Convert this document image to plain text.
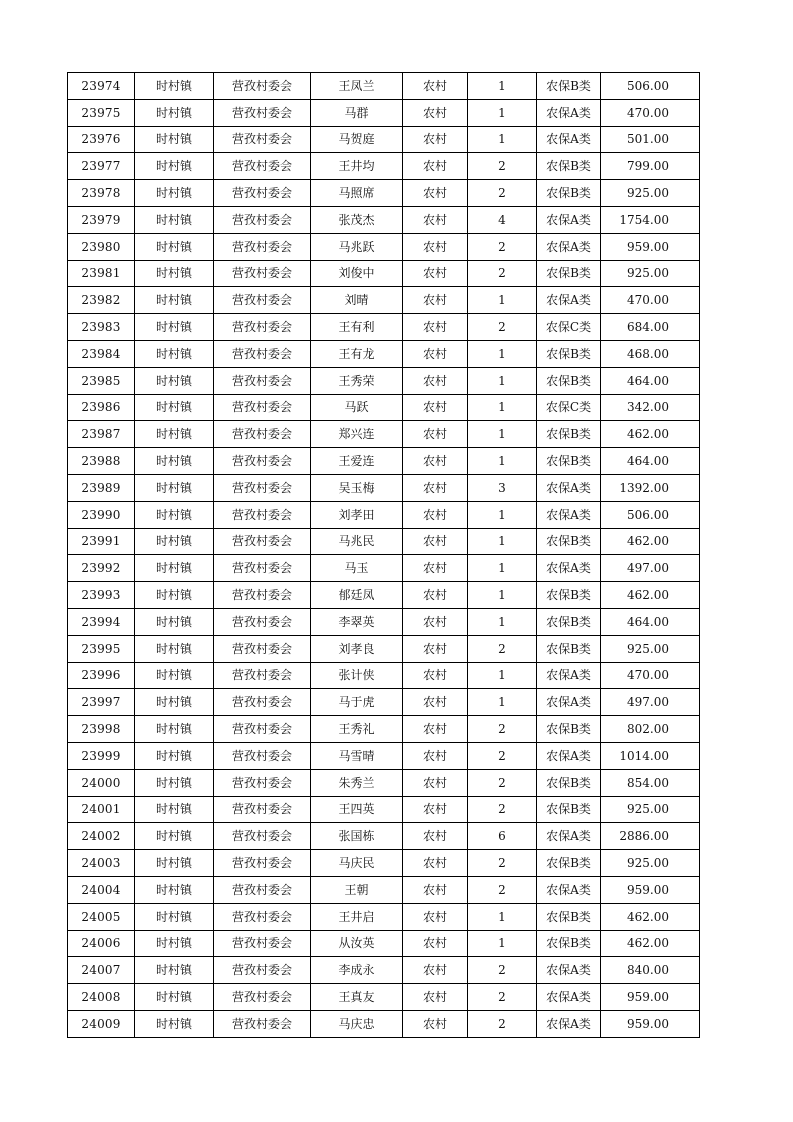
23974	时村镇	营孜村委会	王凤兰	农村	1	农保B类	506.00
23975	时村镇	营孜村委会	马群	农村	1	农保A类	470.00
23976	时村镇	营孜村委会	马贺庭	农村	1	农保A类	501.00
23977	时村镇	营孜村委会	王井均	农村	2	农保B类	799.00
23978	时村镇	营孜村委会	马照席	农村	2	农保B类	925.00
23979	时村镇	营孜村委会	张茂杰	农村	4	农保A类	1754.00
23980	时村镇	营孜村委会	马兆跃	农村	2	农保A类	959.00
23981	时村镇	营孜村委会	刘俊中	农村	2	农保B类	925.00
23982	时村镇	营孜村委会	刘晴	农村	1	农保A类	470.00
23983	时村镇	营孜村委会	王有利	农村	2	农保C类	684.00
23984	时村镇	营孜村委会	王有龙	农村	1	农保B类	468.00
23985	时村镇	营孜村委会	王秀荣	农村	1	农保B类	464.00
23986	时村镇	营孜村委会	马跃	农村	1	农保C类	342.00
23987	时村镇	营孜村委会	郑兴连	农村	1	农保B类	462.00
23988	时村镇	营孜村委会	王爱连	农村	1	农保B类	464.00
23989	时村镇	营孜村委会	吴玉梅	农村	3	农保A类	1392.00
23990	时村镇	营孜村委会	刘孝田	农村	1	农保A类	506.00
23991	时村镇	营孜村委会	马兆民	农村	1	农保B类	462.00
23992	时村镇	营孜村委会	马玉	农村	1	农保A类	497.00
23993	时村镇	营孜村委会	郁廷凤	农村	1	农保B类	462.00
23994	时村镇	营孜村委会	李翠英	农村	1	农保B类	464.00
23995	时村镇	营孜村委会	刘孝良	农村	2	农保B类	925.00
23996	时村镇	营孜村委会	张计侠	农村	1	农保A类	470.00
23997	时村镇	营孜村委会	马于虎	农村	1	农保A类	497.00
23998	时村镇	营孜村委会	王秀礼	农村	2	农保B类	802.00
23999	时村镇	营孜村委会	马雪晴	农村	2	农保A类	1014.00
24000	时村镇	营孜村委会	朱秀兰	农村	2	农保B类	854.00
24001	时村镇	营孜村委会	王四英	农村	2	农保B类	925.00
24002	时村镇	营孜村委会	张国栋	农村	6	农保A类	2886.00
24003	时村镇	营孜村委会	马庆民	农村	2	农保B类	925.00
24004	时村镇	营孜村委会	王朝	农村	2	农保A类	959.00
24005	时村镇	营孜村委会	王井启	农村	1	农保B类	462.00
24006	时村镇	营孜村委会	从汝英	农村	1	农保B类	462.00
24007	时村镇	营孜村委会	李成永	农村	2	农保A类	840.00
24008	时村镇	营孜村委会	王真友	农村	2	农保A类	959.00
24009	时村镇	营孜村委会	马庆忠	农村	2	农保A类	959.00
